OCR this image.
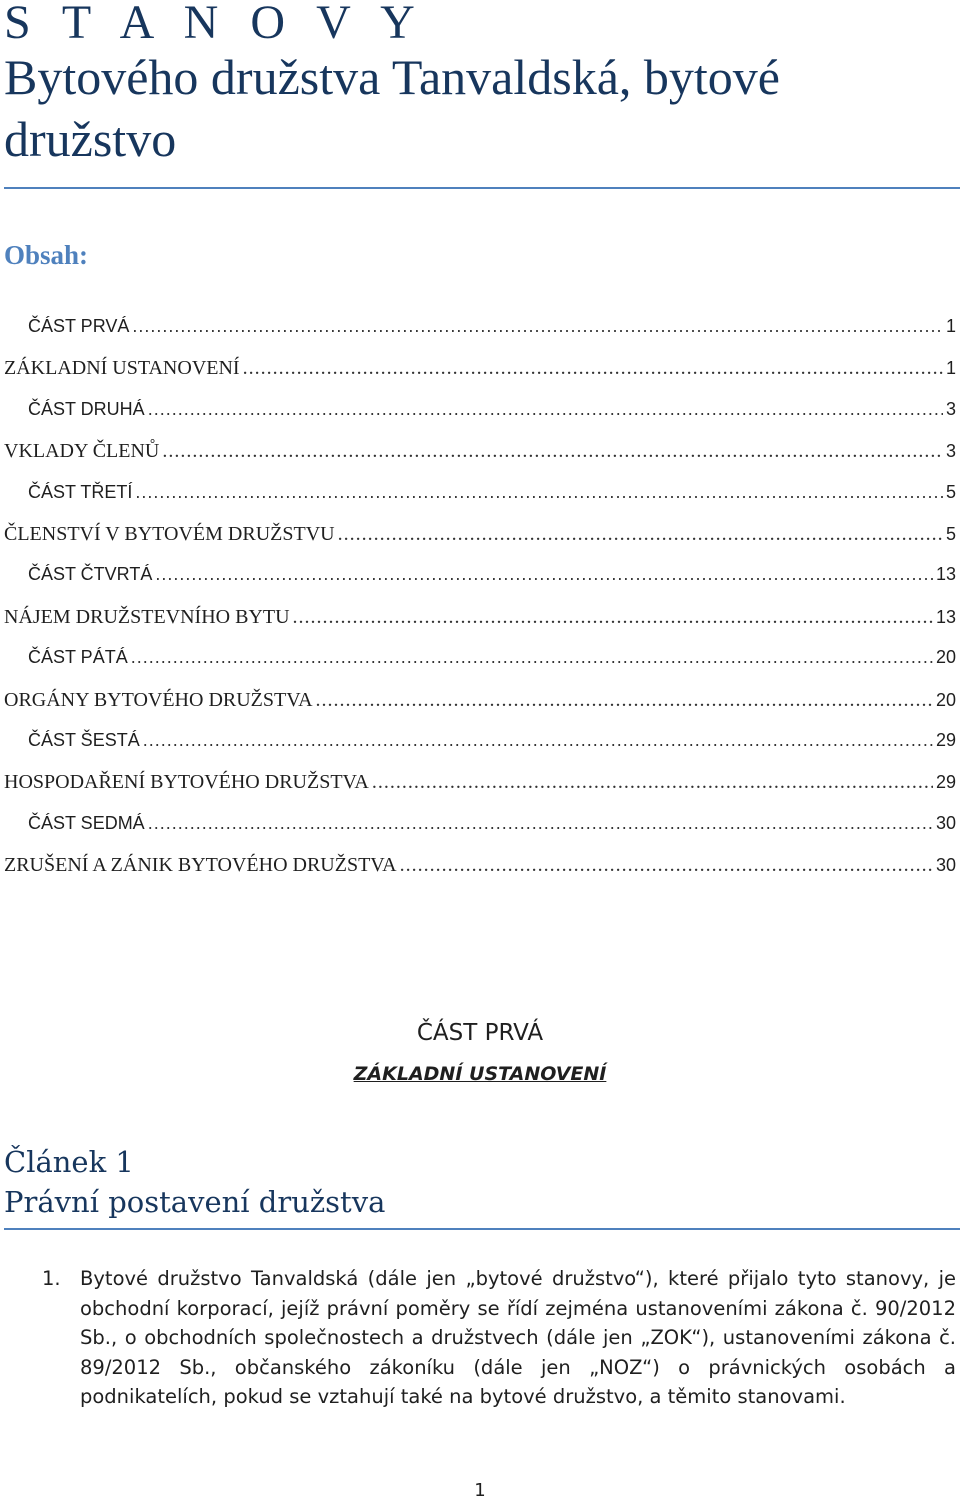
S T A N O V Y
Bytového družstva Tanvaldská, bytové družstvo
Obsah:
ČÁST PRVÁ .....	1
ZÁKLADNÍ USTANOVENÍ .....	1
ČÁST DRUHÁ .....	3
VKLADY ČLENŮ .....	3
ČÁST TŘETÍ .....	5
ČLENSTVÍ V BYTOVÉM DRUŽSTVU .....	5
ČÁST ČTVRTÁ .....	13
NÁJEM DRUŽSTEVNÍHO BYTU .....	13
ČÁST PÁTÁ .....	20
ORGÁNY BYTOVÉHO DRUŽSTVA .....	20
ČÁST ŠESTÁ .....	29
HOSPODAŘENÍ BYTOVÉHO DRUŽSTVA .....	29
ČÁST SEDMÁ .....	30
ZRUŠENÍ A ZÁNIK BYTOVÉHO DRUŽSTVA .....	30
ČÁST PRVÁ
ZÁKLADNÍ USTANOVENÍ
Článek 1
Právní postavení družstva
1. Bytové družstvo Tanvaldská (dále jen „bytové družstvo“), které přijalo tyto stanovy, je obchodní korporací, jejíž právní poměry se řídí zejména ustanoveními zákona č. 90/2012 Sb., o obchodních společnostech a družstvech (dále jen „ZOK“), ustanoveními zákona č. 89/2012 Sb., občanského zákoníku (dále jen „NOZ“) o právnických osobách a podnikatelích, pokud se vztahují také na bytové družstvo, a těmito stanovami.
1
